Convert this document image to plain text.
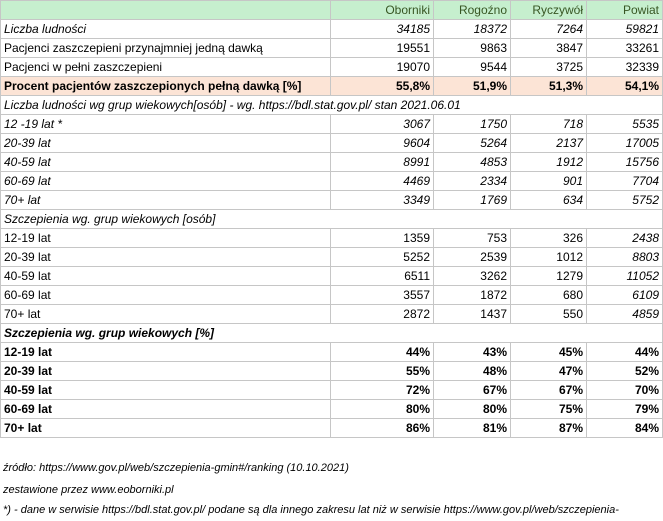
	Oborniki	Rogoźno	Ryczywół	Powiat
Liczba ludności	34185	18372	7264	59821
Pacjenci zaszczepieni przynajmniej jedną dawką	19551	9863	3847	33261
Pacjenci w pełni zaszczepieni	19070	9544	3725	32339
Procent pacjentów zaszczepionych pełną dawką [%]	55,8%	51,9%	51,3%	54,1%
Liczba ludności wg grup wiekowych[osób] - wg. https://bdl.stat.gov.pl/ stan 2021.06.01				
12 -19 lat *	3067	1750	718	5535
20-39 lat	9604	5264	2137	17005
40-59 lat	8991	4853	1912	15756
60-69 lat	4469	2334	901	7704
70+ lat	3349	1769	634	5752
Szczepienia wg. grup wiekowych [osób]				
12-19 lat	1359	753	326	2438
20-39 lat	5252	2539	1012	8803
40-59 lat	6511	3262	1279	11052
60-69 lat	3557	1872	680	6109
70+ lat	2872	1437	550	4859
Szczepienia wg. grup wiekowych [%]				
12-19 lat	44%	43%	45%	44%
20-39 lat	55%	48%	47%	52%
40-59 lat	72%	67%	67%	70%
60-69 lat	80%	80%	75%	79%
70+ lat	86%	81%	87%	84%
źródło: https://www.gov.pl/web/szczepienia-gmin#/ranking (10.10.2021)
zestawione przez www.eoborniki.pl
*) - dane w serwisie https://bdl.stat.gov.pl/ podane są dla innego zakresu lat niż w serwisie https://www.gov.pl/web/szczepienia-
